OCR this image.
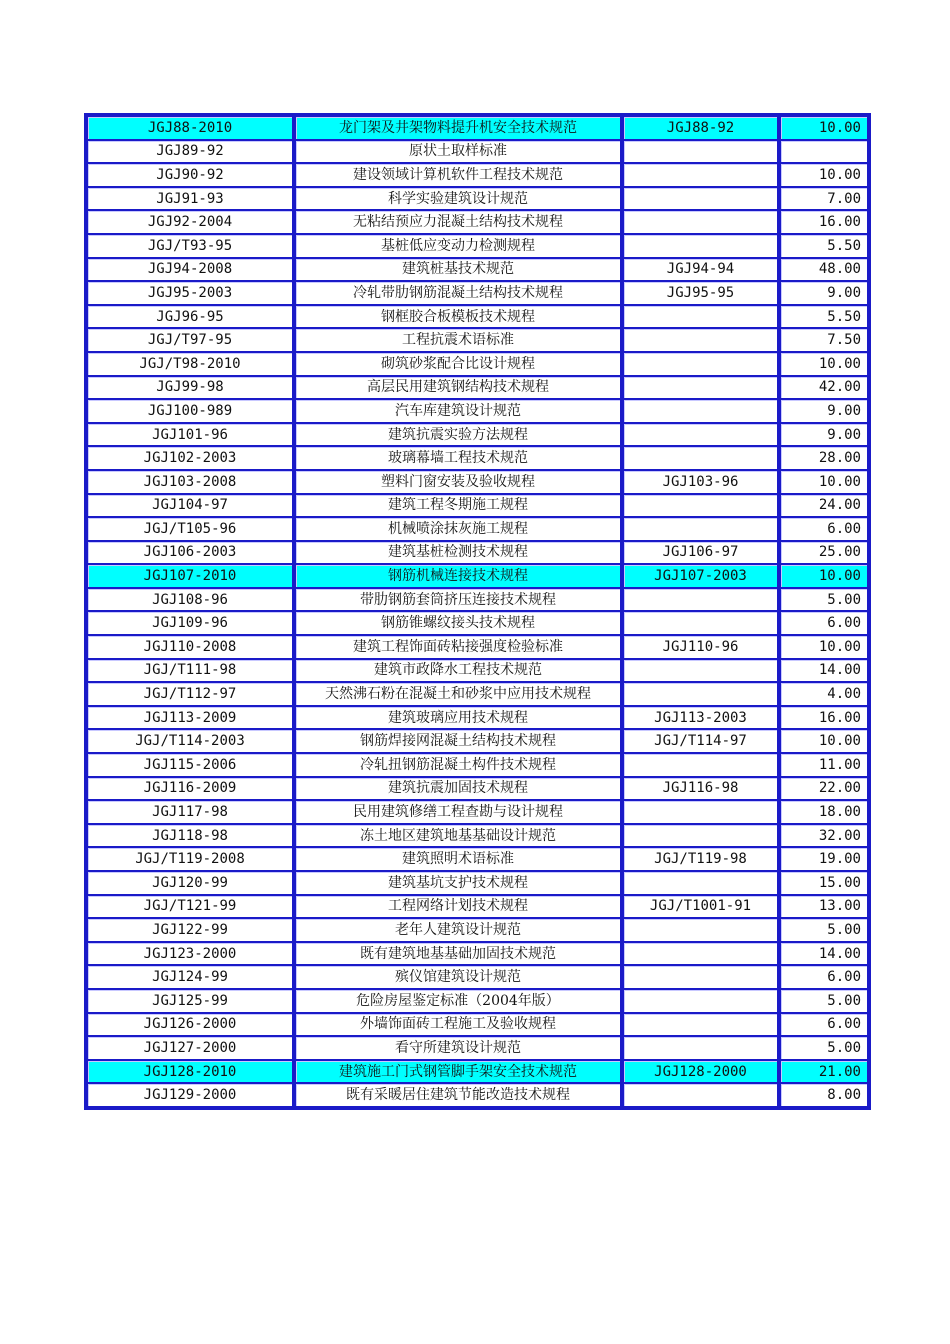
JGJ88-2010	龙门架及井架物料提升机安全技术规范	JGJ88-92	10.00
JGJ89-92	原状土取样标准		
JGJ90-92	建设领域计算机软件工程技术规范		10.00
JGJ91-93	科学实验建筑设计规范		7.00
JGJ92-2004	无粘结预应力混凝土结构技术规程		16.00
JGJ/T93-95	基桩低应变动力检测规程		5.50
JGJ94-2008	建筑桩基技术规范	JGJ94-94	48.00
JGJ95-2003	冷轧带肋钢筋混凝土结构技术规程	JGJ95-95	9.00
JGJ96-95	钢框胶合板模板技术规程		5.50
JGJ/T97-95	工程抗震术语标准		7.50
JGJ/T98-2010	砌筑砂浆配合比设计规程		10.00
JGJ99-98	高层民用建筑钢结构技术规程		42.00
JGJ100-989	汽车库建筑设计规范		9.00
JGJ101-96	建筑抗震实验方法规程		9.00
JGJ102-2003	玻璃幕墙工程技术规范		28.00
JGJ103-2008	塑料门窗安装及验收规程	JGJ103-96	10.00
JGJ104-97	建筑工程冬期施工规程		24.00
JGJ/T105-96	机械喷涂抹灰施工规程		6.00
JGJ106-2003	建筑基桩检测技术规程	JGJ106-97	25.00
JGJ107-2010	钢筋机械连接技术规程	JGJ107-2003	10.00
JGJ108-96	带肋钢筋套筒挤压连接技术规程		5.00
JGJ109-96	钢筋锥螺纹接头技术规程		6.00
JGJ110-2008	建筑工程饰面砖粘接强度检验标准	JGJ110-96	10.00
JGJ/T111-98	建筑市政降水工程技术规范		14.00
JGJ/T112-97	天然沸石粉在混凝土和砂浆中应用技术规程		4.00
JGJ113-2009	建筑玻璃应用技术规程	JGJ113-2003	16.00
JGJ/T114-2003	钢筋焊接网混凝土结构技术规程	JGJ/T114-97	10.00
JGJ115-2006	冷轧扭钢筋混凝土构件技术规程		11.00
JGJ116-2009	建筑抗震加固技术规程	JGJ116-98	22.00
JGJ117-98	民用建筑修缮工程查勘与设计规程		18.00
JGJ118-98	冻土地区建筑地基基础设计规范		32.00
JGJ/T119-2008	建筑照明术语标准	JGJ/T119-98	19.00
JGJ120-99	建筑基坑支护技术规程		15.00
JGJ/T121-99	工程网络计划技术规程	JGJ/T1001-91	13.00
JGJ122-99	老年人建筑设计规范		5.00
JGJ123-2000	既有建筑地基基础加固技术规范		14.00
JGJ124-99	殡仪馆建筑设计规范		6.00
JGJ125-99	危险房屋鉴定标准（2004年版）		5.00
JGJ126-2000	外墙饰面砖工程施工及验收规程		6.00
JGJ127-2000	看守所建筑设计规范		5.00
JGJ128-2010	建筑施工门式钢管脚手架安全技术规范	JGJ128-2000	21.00
JGJ129-2000	既有采暖居住建筑节能改造技术规程		8.00
